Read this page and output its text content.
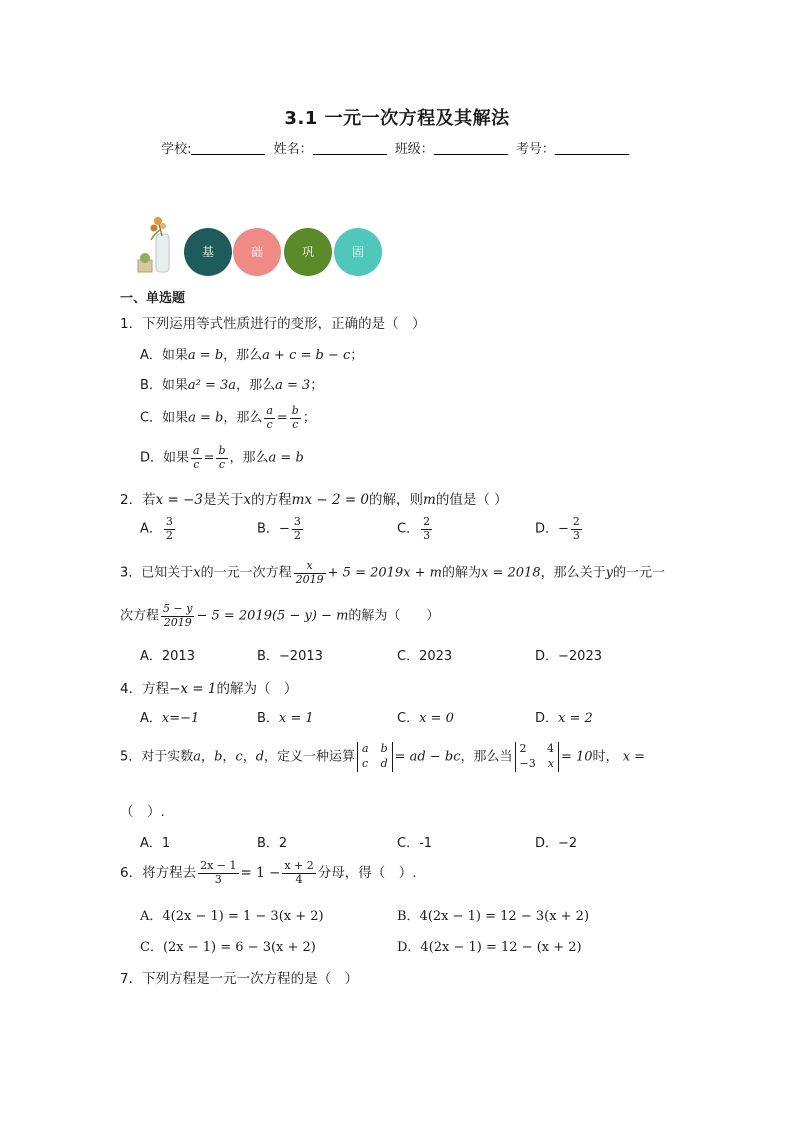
3.1 一元一次方程及其解法
学校:	姓名：	班级：	考号：
基	础	巩	固
一、单选题
1．下列运用等式性质进行的变形，正确的是（　）
A．如果a = b，那么a + c = b − c；
B．如果a² = 3a，那么a = 3；
C．如果a = b，那么 $\frac{a}{c} = \frac{b}{c}$ ；
D．如果 $\frac{a}{c} = \frac{b}{c}$ ，那么a = b
2．若x = −3是关于x的方程mx − 2 = 0的解，则m的值是（ ）
A． $\frac{3}{2}$	B．− $\frac{3}{2}$	C． $\frac{2}{3}$	D．− $\frac{2}{3}$
3．已知关于x的一元一次方程 $\frac{x}{2019} + 5 = 2019x + m$的解为x = 2018，那么关于y的一元一
次方程 $\frac{5 - y}{2019} - 5 = 2019(5 - y) - m$的解为（　　）
A．2013	B．−2013	C．2023	D．−2023
4．方程−x = 1的解为（　）
A．x=−1	B．x = 1	C．x = 0	D．x = 2
5．对于实数a，b，c，d，定义一种运算
a b
c d = ad − bc，那么当
2 4
−3 x = 10时， x =
（　）.
A．1	B．2	C．-1	D．−2
6．将方程去 $\frac{2x - 1}{3} = 1 - \frac{x + 2}{4}$ 分母，得（　）.
A．4(2x − 1) = 1 − 3(x + 2)	B．4(2x − 1) = 12 − 3(x + 2)
C．(2x − 1) = 6 − 3(x + 2)	D．4(2x − 1) = 12 − (x + 2)
7．下列方程是一元一次方程的是（　）
